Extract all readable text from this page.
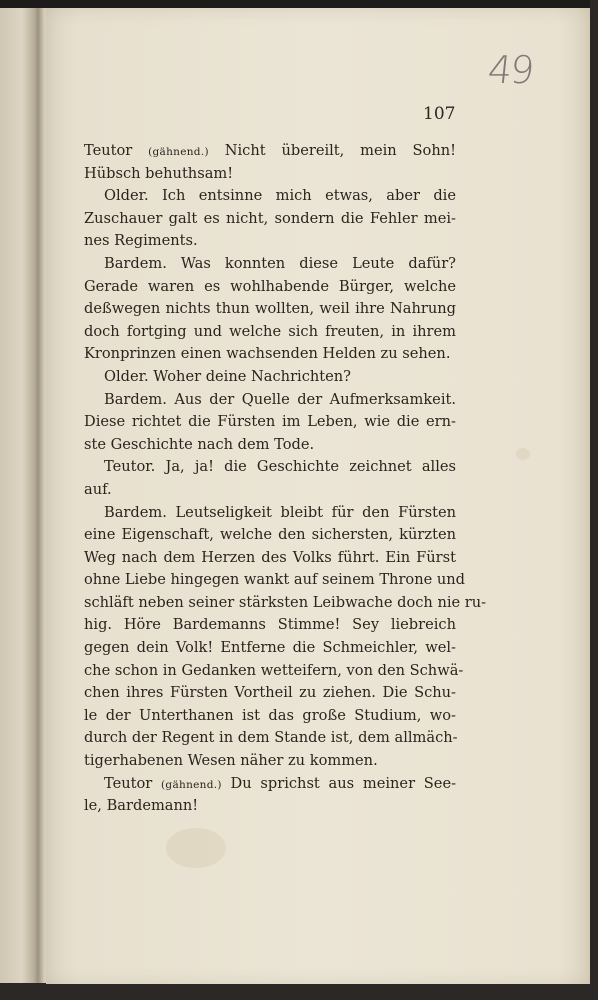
49
107
Teutor (gähnend.) Nicht übereilt, mein Sohn!
Hübsch behuthsam!
Older. Ich entsinne mich etwas, aber die
Zuschauer galt es nicht, sondern die Fehler mei-
nes Regiments.
Bardem. Was konnten diese Leute dafür?
Gerade waren es wohlhabende Bürger, welche
deßwegen nichts thun wollten, weil ihre Nahrung
doch fortging und welche sich freuten, in ihrem
Kronprinzen einen wachsenden Helden zu sehen.
Older. Woher deine Nachrichten?
Bardem. Aus der Quelle der Aufmerksamkeit.
Diese richtet die Fürsten im Leben, wie die ern-
ste Geschichte nach dem Tode.
Teutor. Ja, ja! die Geschichte zeichnet alles
auf.
Bardem. Leutseligkeit bleibt für den Fürsten
eine Eigenschaft, welche den sichersten, kürzten
Weg nach dem Herzen des Volks führt. Ein Fürst
ohne Liebe hingegen wankt auf seinem Throne und
schläft neben seiner stärksten Leibwache doch nie ru-
hig. Höre Bardemanns Stimme! Sey liebreich
gegen dein Volk! Entferne die Schmeichler, wel-
che schon in Gedanken wetteifern, von den Schwä-
chen ihres Fürsten Vortheil zu ziehen. Die Schu-
le der Unterthanen ist das große Studium, wo-
durch der Regent in dem Stande ist, dem allmäch-
tigerhabenen Wesen näher zu kommen.
Teutor (gähnend.) Du sprichst aus meiner See-
le, Bardemann!
